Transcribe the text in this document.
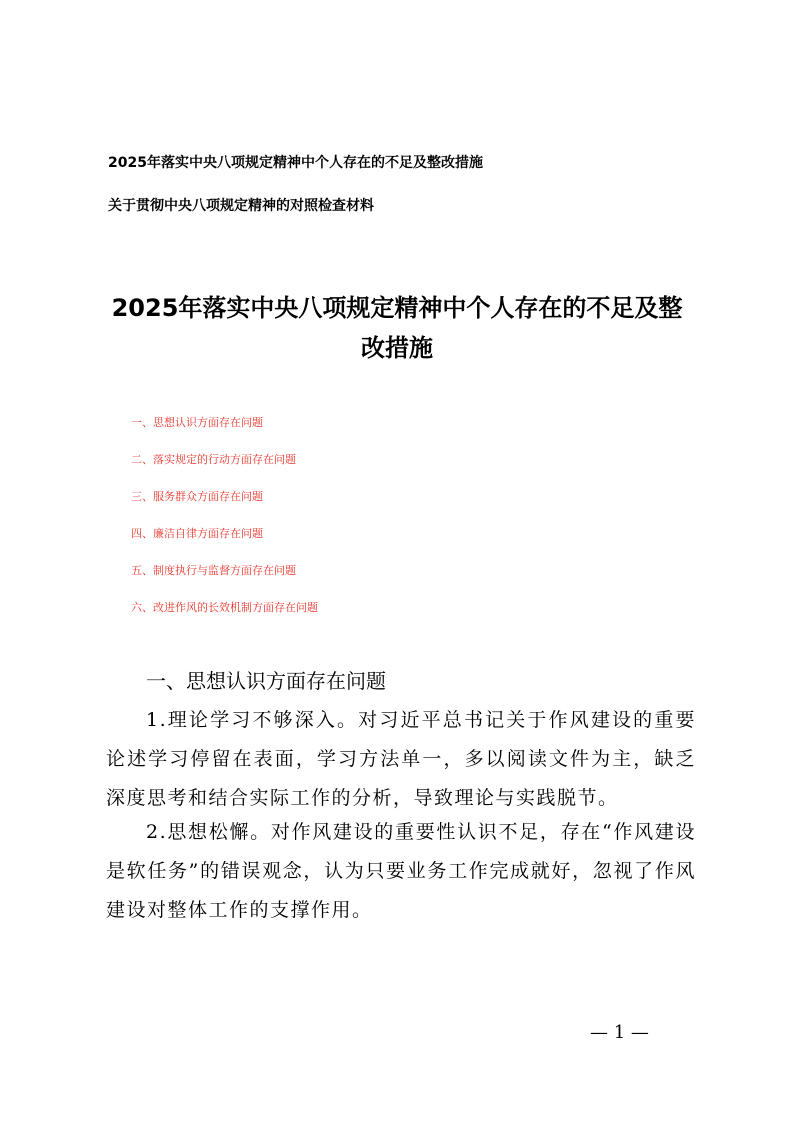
2025年落实中央八项规定精神中个人存在的不足及整改措施
关于贯彻中央八项规定精神的对照检查材料
2025年落实中央八项规定精神中个人存在的不足及整改措施
一、思想认识方面存在问题
二、落实规定的行动方面存在问题
三、服务群众方面存在问题
四、廉洁自律方面存在问题
五、制度执行与监督方面存在问题
六、改进作风的长效机制方面存在问题
一、思想认识方面存在问题

1.理论学习不够深入。对习近平总书记关于作风建设的重要论述学习停留在表面，学习方法单一，多以阅读文件为主，缺乏深度思考和结合实际工作的分析，导致理论与实践脱节。

2.思想松懈。对作风建设的重要性认识不足，存在“作风建设是软任务”的错误观念，认为只要业务工作完成就好，忽视了作风建设对整体工作的支撑作用。

— 1 —
